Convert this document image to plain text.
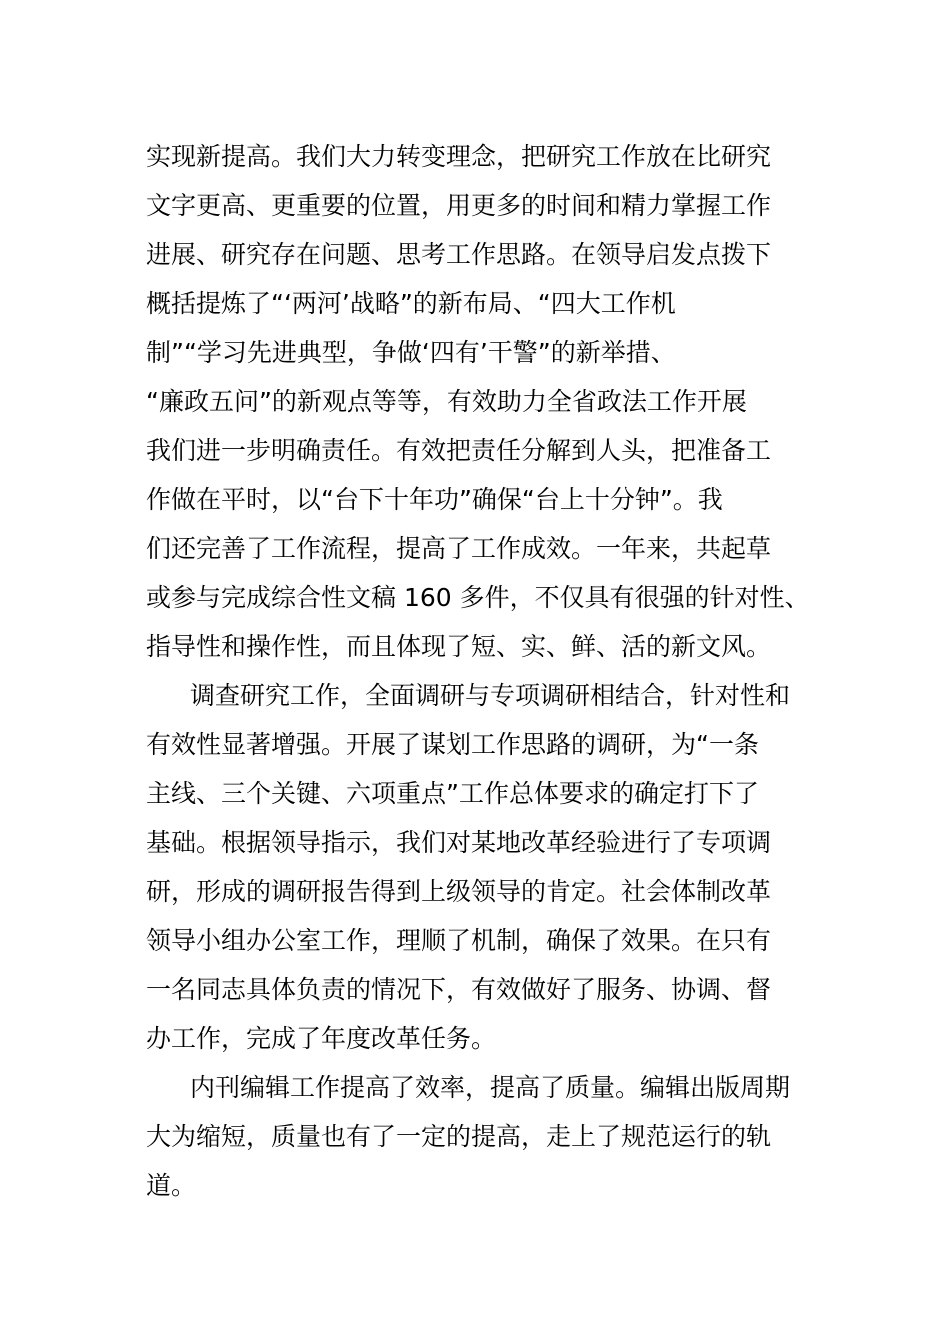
实现新提高。我们大力转变理念，把研究工作放在比研究
文字更高、更重要的位置，用更多的时间和精力掌握工作
进展、研究存在问题、思考工作思路。在领导启发点拨下
概括提炼了“‘两河’战略”的新布局、“四大工作机
制”“学习先进典型，争做‘四有’干警”的新举措、
“廉政五问”的新观点等等，有效助力全省政法工作开展
我们进一步明确责任。有效把责任分解到人头，把准备工
作做在平时，以“台下十年功”确保“台上十分钟”。我
们还完善了工作流程，提高了工作成效。一年来，共起草
或参与完成综合性文稿 160 多件，不仅具有很强的针对性、
指导性和操作性，而且体现了短、实、鲜、活的新文风。
调查研究工作，全面调研与专项调研相结合，针对性和
有效性显著增强。开展了谋划工作思路的调研，为“一条
主线、三个关键、六项重点”工作总体要求的确定打下了
基础。根据领导指示，我们对某地改革经验进行了专项调
研，形成的调研报告得到上级领导的肯定。社会体制改革
领导小组办公室工作，理顺了机制，确保了效果。在只有
一名同志具体负责的情况下，有效做好了服务、协调、督
办工作，完成了年度改革任务。
内刊编辑工作提高了效率，提高了质量。编辑出版周期
大为缩短，质量也有了一定的提高，走上了规范运行的轨
道。
